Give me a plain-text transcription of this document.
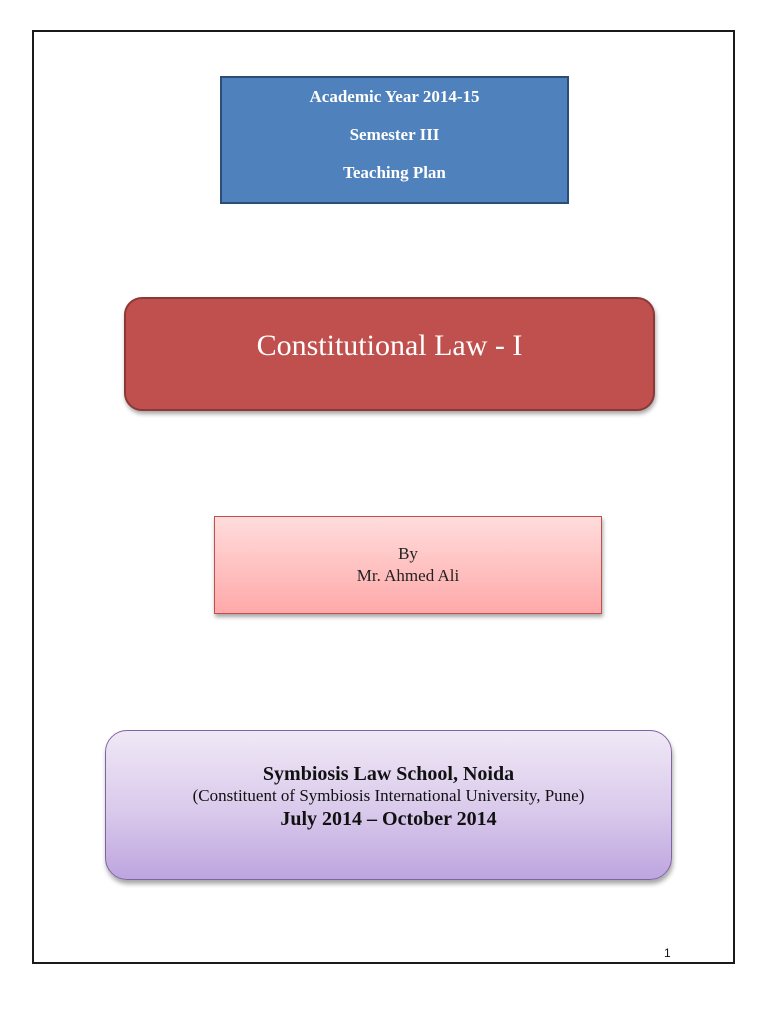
Academic Year 2014-15
Semester III
Teaching Plan
Constitutional Law - I
By
Mr. Ahmed Ali
Symbiosis Law School, Noida
(Constituent of Symbiosis International University, Pune)
July 2014 – October 2014
1
